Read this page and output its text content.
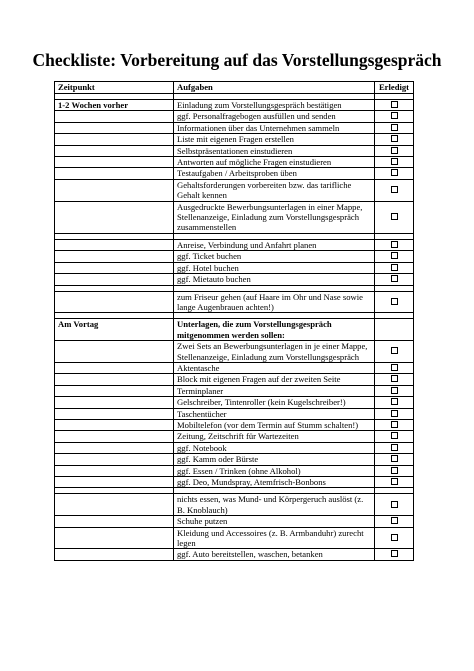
Checkliste: Vorbereitung auf das Vorstellungsgespräch
Zeitpunkt	Aufgaben	Erledigt

1-2 Wochen vorher	Einladung zum Vorstellungsgespräch bestätigen	
	ggf. Personalfragebogen ausfüllen und senden	
	Informationen über das Unternehmen sammeln	
	Liste mit eigenen Fragen erstellen	
	Selbstpräsentationen einstudieren	
	Antworten auf mögliche Fragen einstudieren	
	Testaufgaben / Arbeitsproben üben	
	Gehaltsforderungen vorbereiten bzw. das tarifliche Gehalt kennen	
	Ausgedruckte Bewerbungsunterlagen in einer Mappe, Stellenanzeige, Einladung zum Vorstellungsgespräch zusammenstellen	

	Anreise, Verbindung und Anfahrt planen	
	ggf. Ticket buchen	
	ggf. Hotel buchen	
	ggf. Mietauto buchen	

	zum Friseur gehen (auf Haare im Ohr und Nase sowie lange Augenbrauen achten!)	

Am Vortag	Unterlagen, die zum Vorstellungsgespräch mitgenommen werden sollen:	
	Zwei Sets an Bewerbungsunterlagen in je einer Mappe, Stellenanzeige, Einladung zum Vorstellungsgespräch	
	Aktentasche	
	Block mit eigenen Fragen auf der zweiten Seite	
	Terminplaner	
	Gelschreiber, Tintenroller (kein Kugelschreiber!)	
	Taschentücher	
	Mobiltelefon (vor dem Termin auf Stumm schalten!)	
	Zeitung, Zeitschrift für Wartezeiten	
	ggf. Notebook	
	ggf. Kamm oder Bürste	
	ggf. Essen / Trinken (ohne Alkohol)	
	ggf. Deo, Mundspray, Atemfrisch-Bonbons	

	nichts essen, was Mund- und Körpergeruch auslöst (z. B. Knoblauch)	
	Schuhe putzen	
	Kleidung und Accessoires (z. B. Armbanduhr) zurecht legen	
	ggf. Auto bereitstellen, waschen, betanken	
